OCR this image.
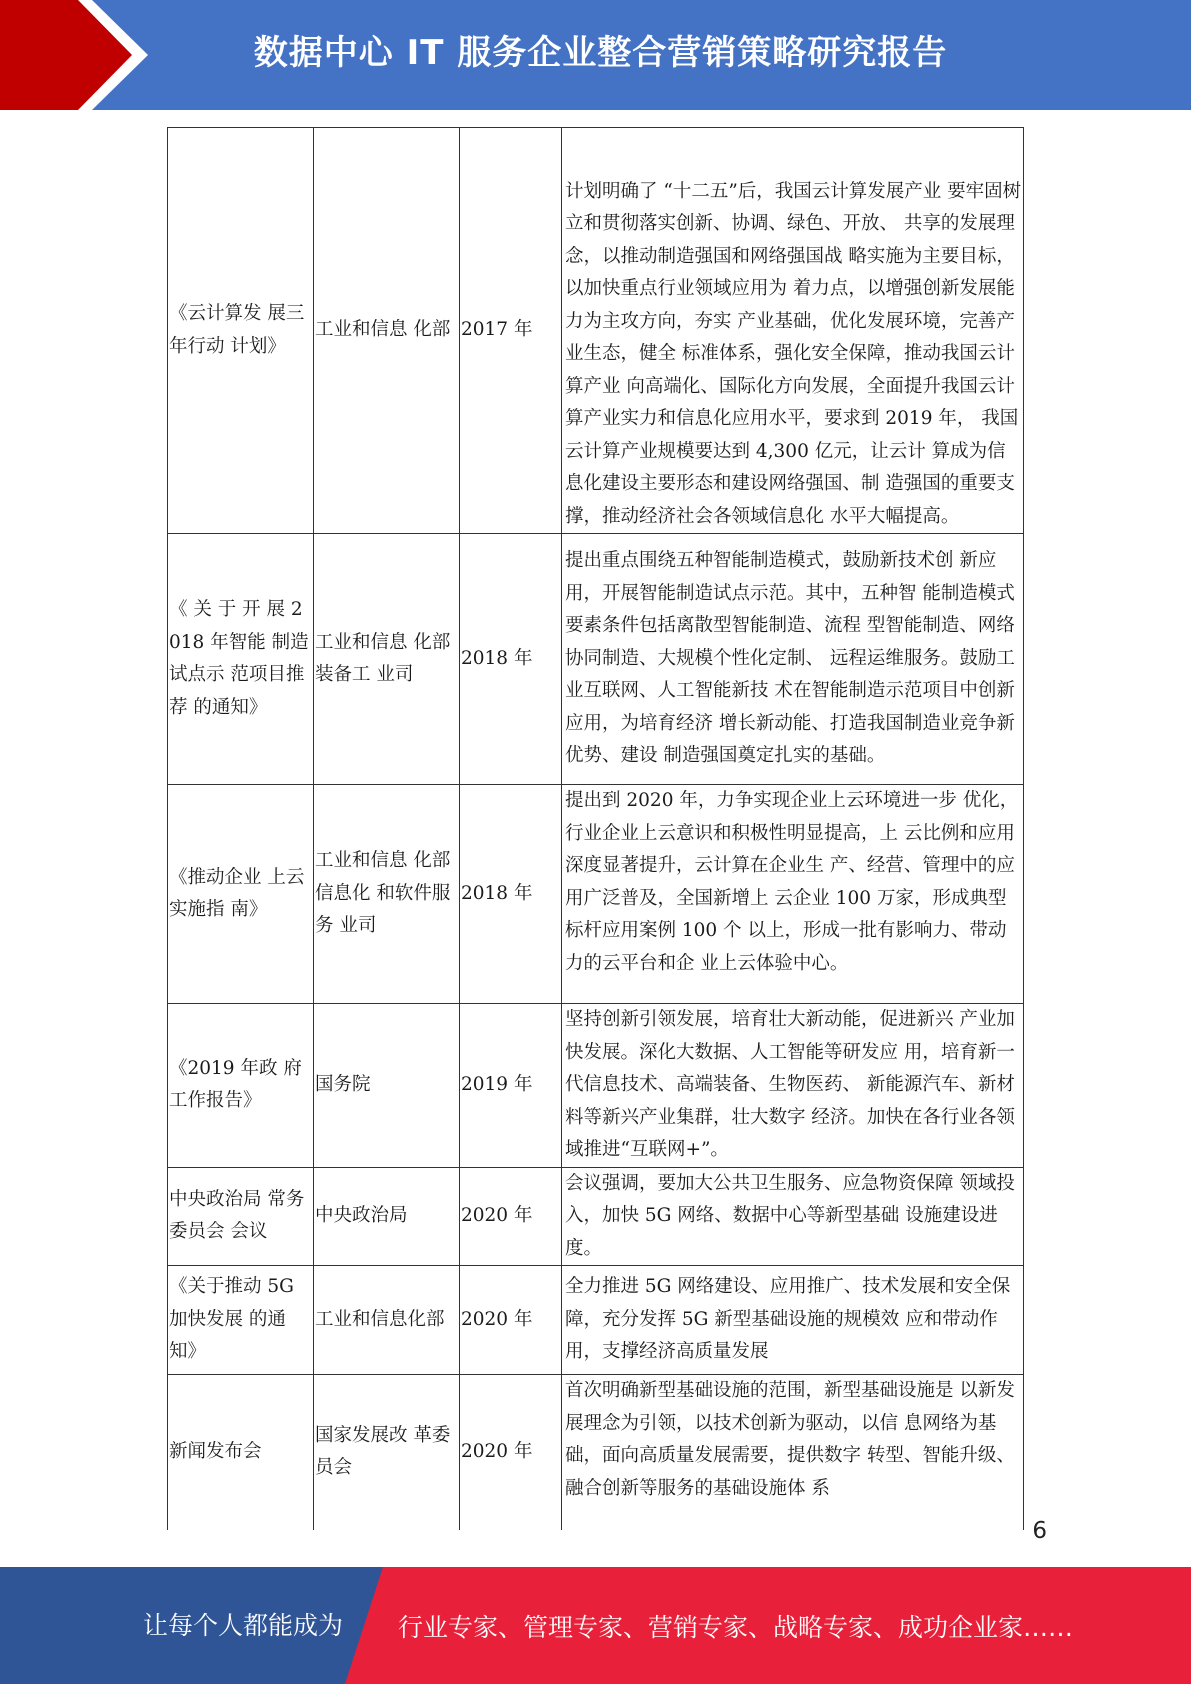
数据中心 IT 服务企业整合营销策略研究报告
《云计算发 展三年行动 计划》	工业和信息 化部	2017 年	计划明确了 “十二五”后，我国云计算发展产业 要牢固树立和贯彻落实创新、协调、绿色、开放、 共享的发展理念，以推动制造强国和网络强国战 略实施为主要目标，以加快重点行业领域应用为 着力点，以增强创新发展能力为主攻方向，夯实 产业基础，优化发展环境，完善产业生态，健全 标准体系，强化安全保障，推动我国云计算产业 向高端化、国际化方向发展，全面提升我国云计 算产业实力和信息化应用水平，要求到 2019 年， 我国云计算产业规模要达到 4,300 亿元，让云计 算成为信息化建设主要形态和建设网络强国、制 造强国的重要支撑，推动经济社会各领域信息化 水平大幅提高。
《 关 于 开 展 2018 年智能 制造试点示 范项目推荐 的通知》	工业和信息 化部装备工 业司	2018 年	提出重点围绕五种智能制造模式，鼓励新技术创 新应用，开展智能制造试点示范。其中，五种智 能制造模式要素条件包括离散型智能制造、流程 型智能制造、网络协同制造、大规模个性化定制、 远程运维服务。鼓励工业互联网、人工智能新技 术在智能制造示范项目中创新应用，为培育经济 增长新动能、打造我国制造业竞争新优势、建设 制造强国奠定扎实的基础。
《推动企业 上云实施指 南》	工业和信息 化部信息化 和软件服务 业司	2018 年	提出到 2020 年，力争实现企业上云环境进一步 优化，行业企业上云意识和积极性明显提高，上 云比例和应用深度显著提升，云计算在企业生 产、经营、管理中的应用广泛普及，全国新增上 云企业 100 万家，形成典型标杆应用案例 100 个 以上，形成一批有影响力、带动力的云平台和企 业上云体验中心。
《2019 年政 府工作报告》	国务院	2019 年	坚持创新引领发展，培育壮大新动能，促进新兴 产业加快发展。深化大数据、人工智能等研发应 用，培育新一代信息技术、高端装备、生物医药、 新能源汽车、新材料等新兴产业集群，壮大数字 经济。加快在各行业各领域推进“互联网+”。
中央政治局 常务委员会 会议	中央政治局	2020 年	会议强调，要加大公共卫生服务、应急物资保障 领域投入，加快 5G 网络、数据中心等新型基础 设施建设进度。
《关于推动 5G 加快发展 的通知》	工业和信息化部	2020 年	全力推进 5G 网络建设、应用推广、技术发展和安全保障，充分发挥 5G 新型基础设施的规模效 应和带动作用，支撑经济高质量发展
新闻发布会	国家发展改 革委员会	2020 年	首次明确新型基础设施的范围，新型基础设施是 以新发展理念为引领，以技术创新为驱动，以信 息网络为基础，面向高质量发展需要，提供数字 转型、智能升级、融合创新等服务的基础设施体 系
6
让每个人都能成为 行业专家、管理专家、营销专家、战略专家、成功企业家……
